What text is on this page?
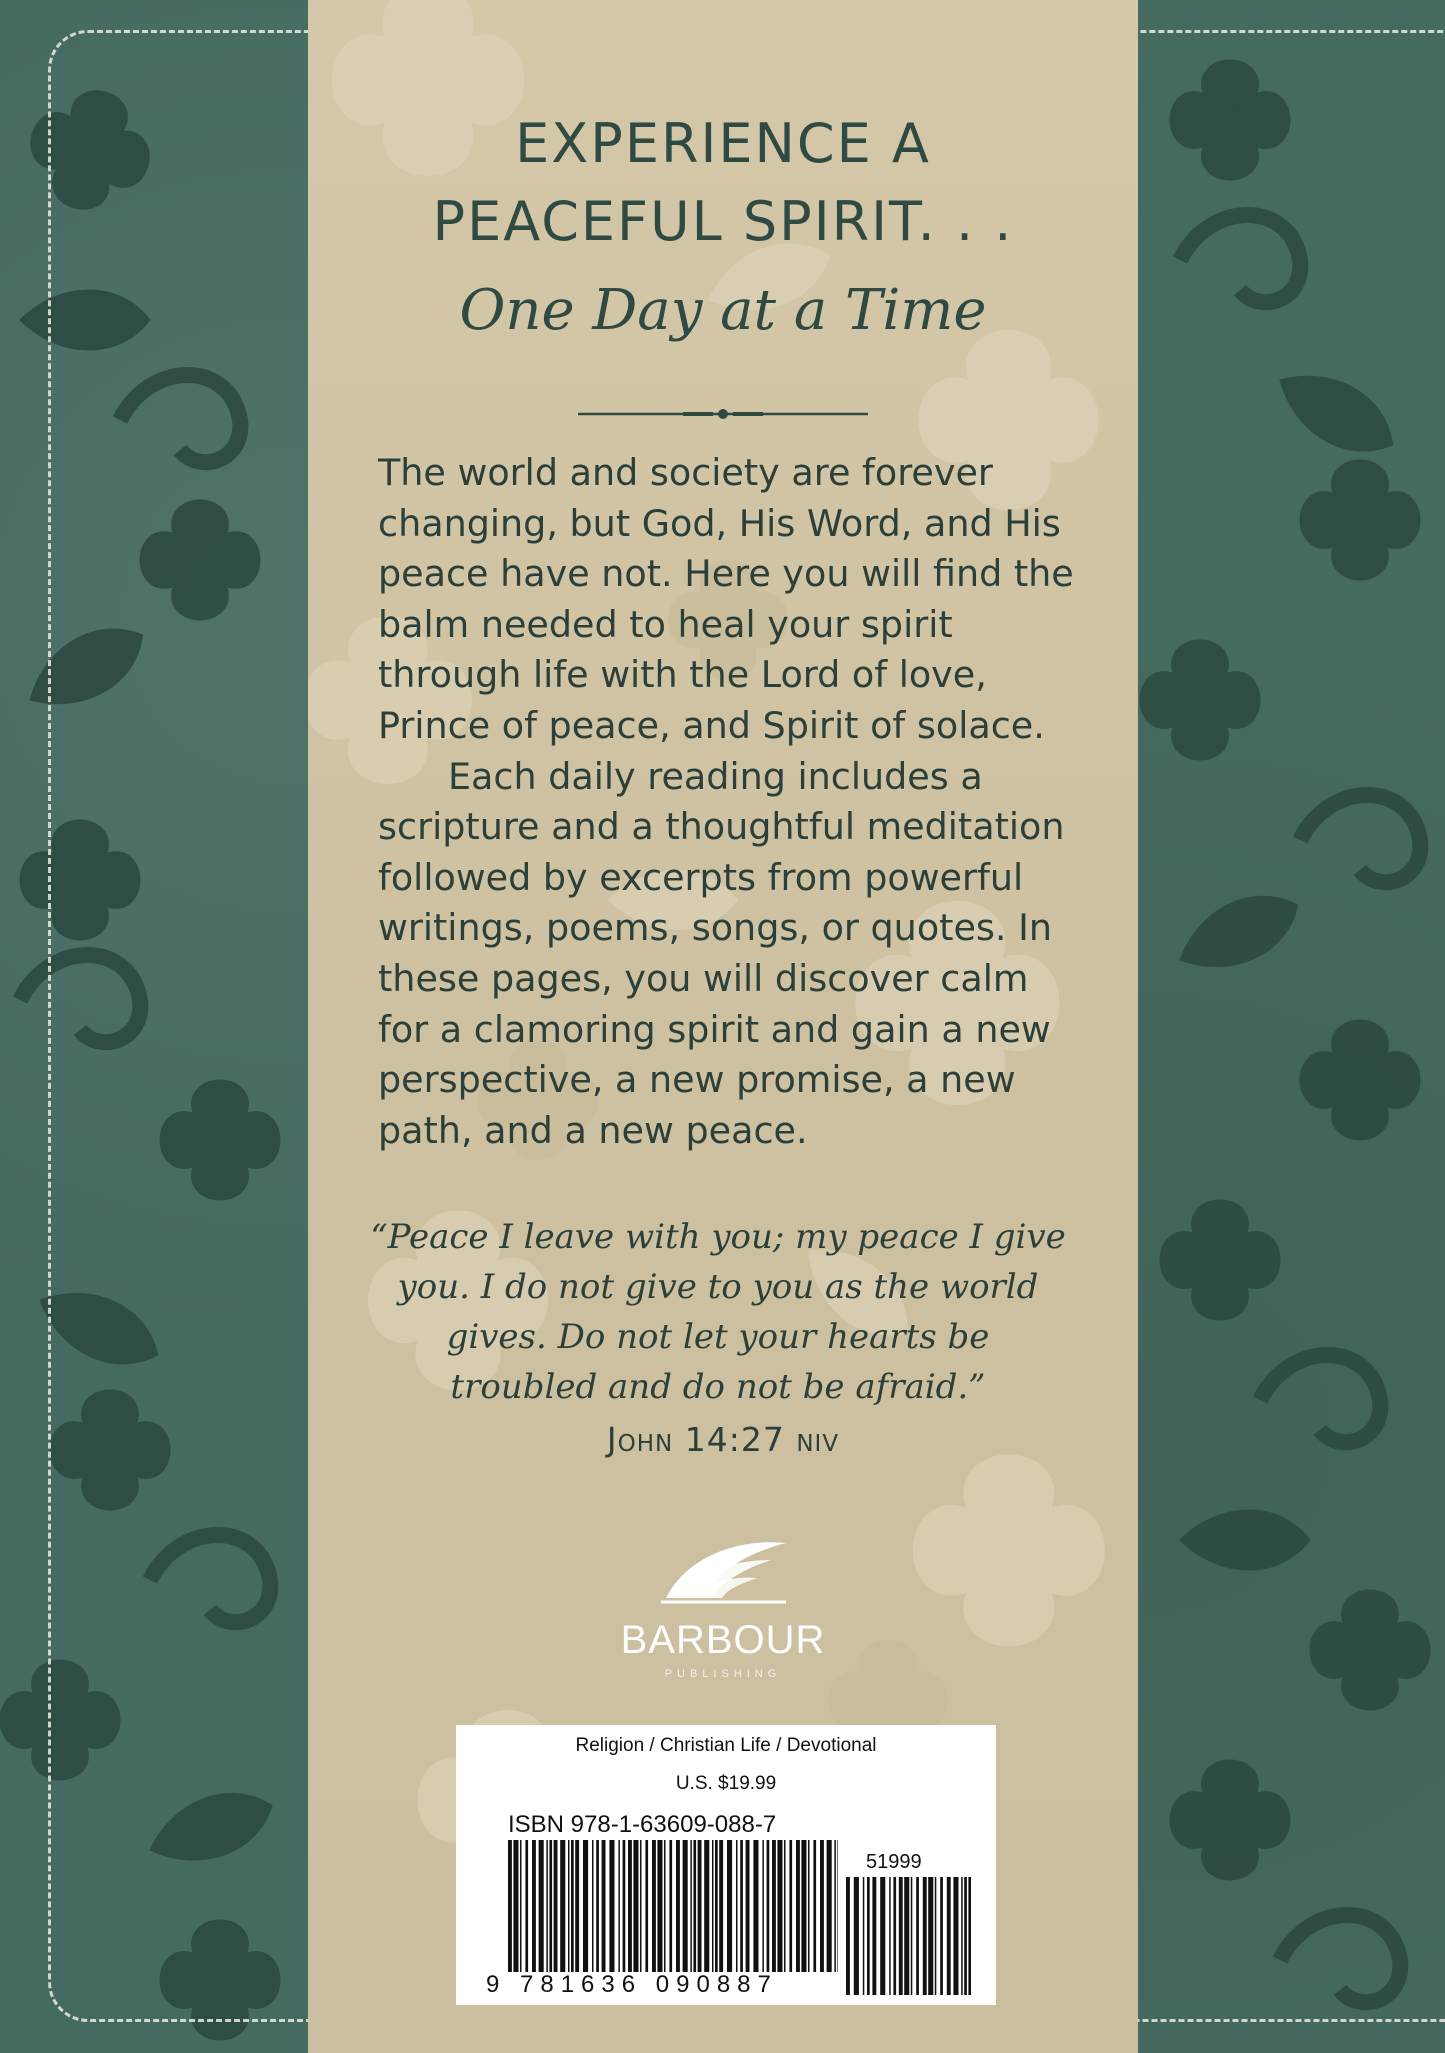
EXPERIENCE A
PEACEFUL SPIRIT. . .
One Day at a Time

The world and society are forever changing, but God, His Word, and His peace have not. Here you will find the balm needed to heal your spirit through life with the Lord of love, Prince of peace, and Spirit of solace.

Each daily reading includes a scripture and a thoughtful meditation followed by excerpts from powerful writings, poems, songs, or quotes. In these pages, you will discover calm for a clamoring spirit and gain a new perspective, a new promise, a new path, and a new peace.

“Peace I leave with you; my peace I give you. I do not give to you as the world gives. Do not let your hearts be troubled and do not be afraid.”
John 14:27 niv
BARBOUR
PUBLISHING
Religion / Christian Life / Devotional
U.S. $19.99
ISBN 978-1-63609-088-7
51999
9 781636 090887
